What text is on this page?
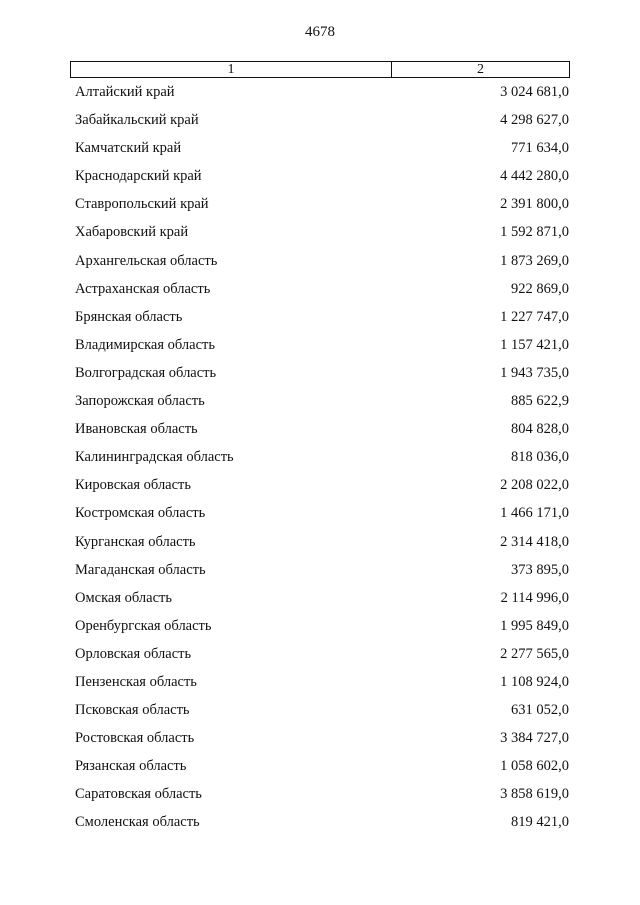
4678
1	2
Алтайский край	3 024 681,0
Забайкальский край	4 298 627,0
Камчатский край	771 634,0
Краснодарский край	4 442 280,0
Ставропольский край	2 391 800,0
Хабаровский край	1 592 871,0
Архангельская область	1 873 269,0
Астраханская область	922 869,0
Брянская область	1 227 747,0
Владимирская область	1 157 421,0
Волгоградская область	1 943 735,0
Запорожская область	885 622,9
Ивановская область	804 828,0
Калининградская область	818 036,0
Кировская область	2 208 022,0
Костромская область	1 466 171,0
Курганская область	2 314 418,0
Магаданская область	373 895,0
Омская область	2 114 996,0
Оренбургская область	1 995 849,0
Орловская область	2 277 565,0
Пензенская область	1 108 924,0
Псковская область	631 052,0
Ростовская область	3 384 727,0
Рязанская область	1 058 602,0
Саратовская область	3 858 619,0
Смоленская область	819 421,0
